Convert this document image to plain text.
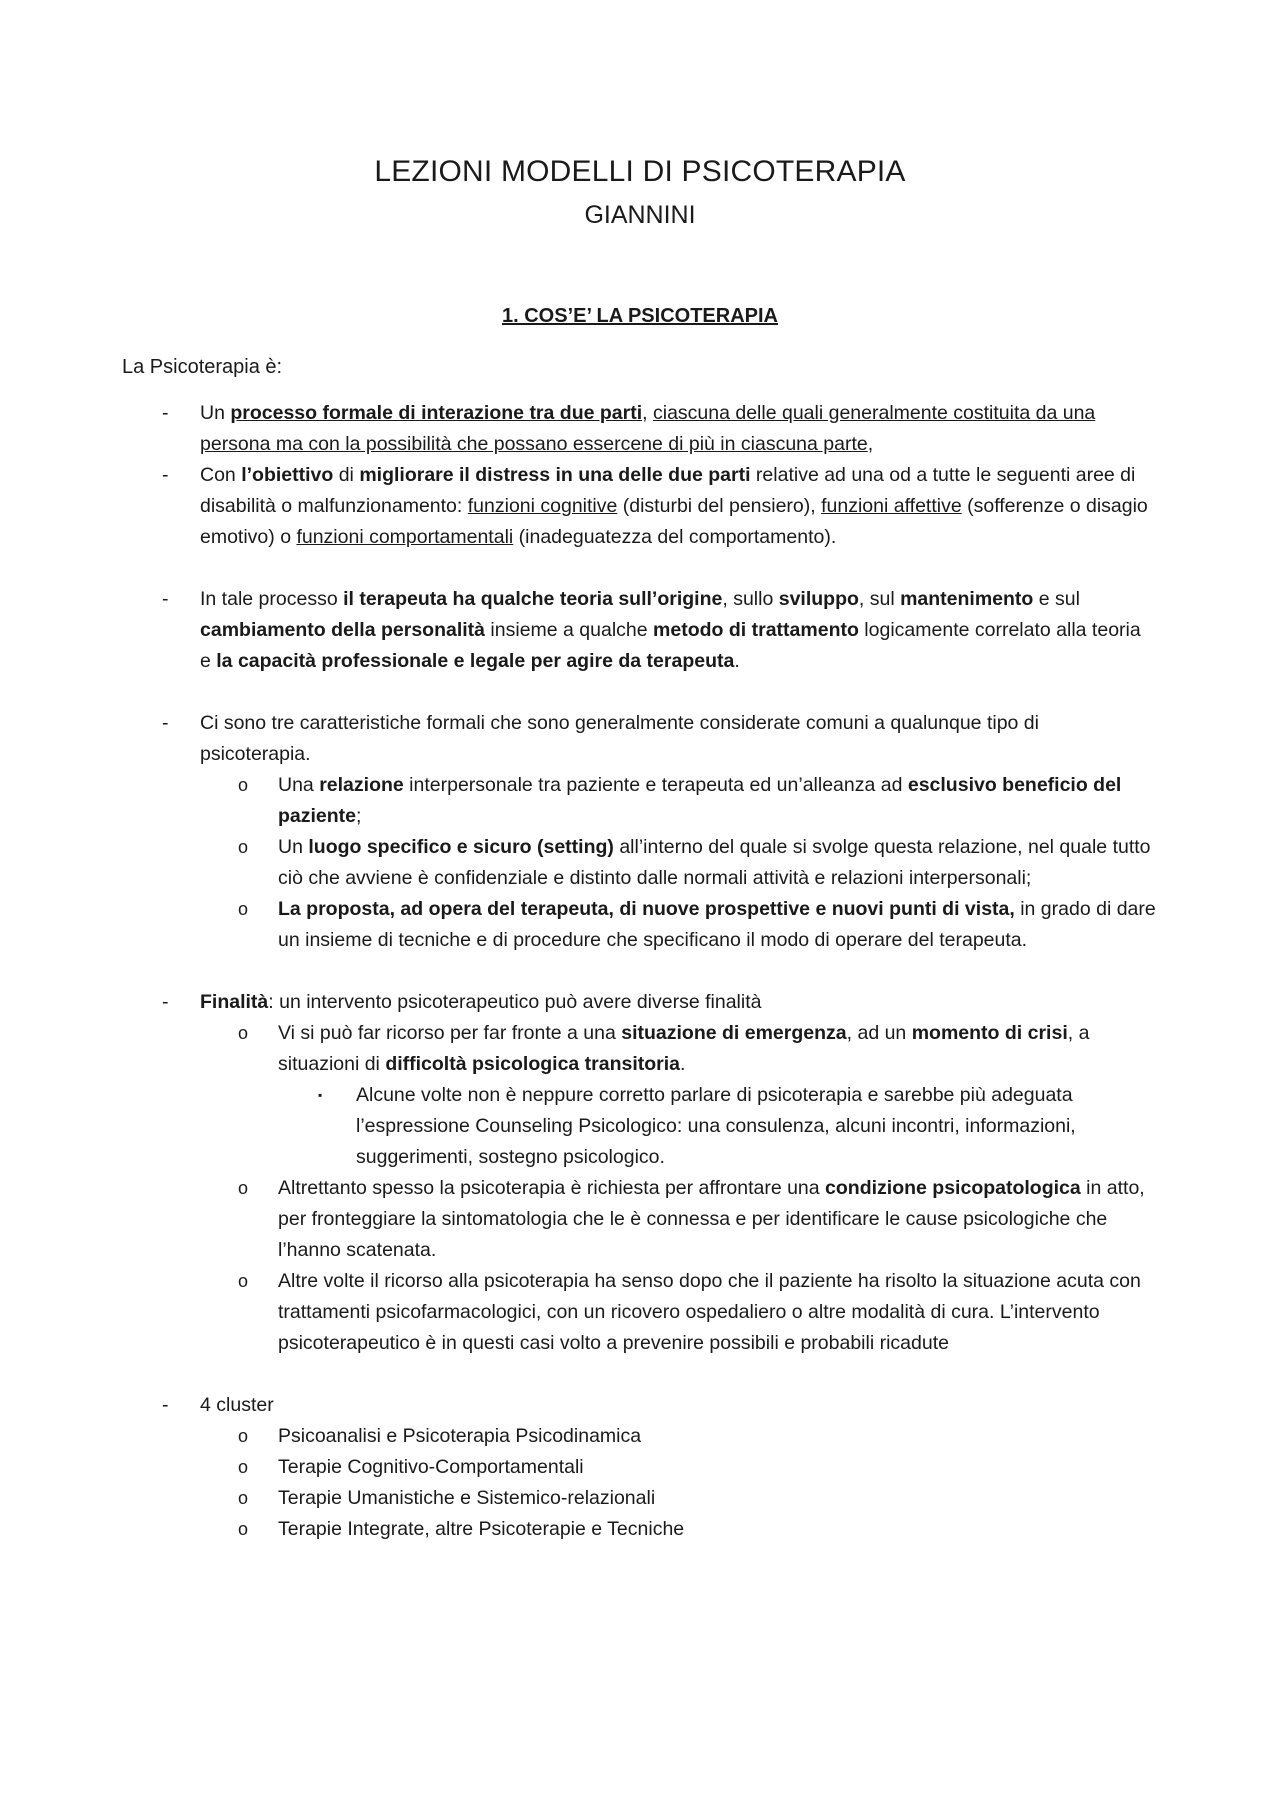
LEZIONI MODELLI DI PSICOTERAPIA
GIANNINI
1. COS’E’ LA PSICOTERAPIA
La Psicoterapia è:
- Un processo formale di interazione tra due parti, ciascuna delle quali generalmente costituita da una persona ma con la possibilità che possano essercene di più in ciascuna parte,
- Con l’obiettivo di migliorare il distress in una delle due parti relative ad una od a tutte le seguenti aree di disabilità o malfunzionamento: funzioni cognitive (disturbi del pensiero), funzioni affettive (sofferenze o disagio emotivo) o funzioni comportamentali (inadeguatezza del comportamento).
- In tale processo il terapeuta ha qualche teoria sull’origine, sullo sviluppo, sul mantenimento e sul cambiamento della personalità insieme a qualche metodo di trattamento logicamente correlato alla teoria e la capacità professionale e legale per agire da terapeuta.
- Ci sono tre caratteristiche formali che sono generalmente considerate comuni a qualunque tipo di psicoterapia.
o Una relazione interpersonale tra paziente e terapeuta ed un’alleanza ad esclusivo beneficio del paziente;
o Un luogo specifico e sicuro (setting) all’interno del quale si svolge questa relazione, nel quale tutto ciò che avviene è confidenziale e distinto dalle normali attività e relazioni interpersonali;
o La proposta, ad opera del terapeuta, di nuove prospettive e nuovi punti di vista, in grado di dare un insieme di tecniche e di procedure che specificano il modo di operare del terapeuta.
- Finalità: un intervento psicoterapeutico può avere diverse finalità
o Vi si può far ricorso per far fronte a una situazione di emergenza, ad un momento di crisi, a situazioni di difficoltà psicologica transitoria.
▪ Alcune volte non è neppure corretto parlare di psicoterapia e sarebbe più adeguata l’espressione Counseling Psicologico: una consulenza, alcuni incontri, informazioni, suggerimenti, sostegno psicologico.
o Altrettanto spesso la psicoterapia è richiesta per affrontare una condizione psicopatologica in atto, per fronteggiare la sintomatologia che le è connessa e per identificare le cause psicologiche che l’hanno scatenata.
o Altre volte il ricorso alla psicoterapia ha senso dopo che il paziente ha risolto la situazione acuta con trattamenti psicofarmacologici, con un ricovero ospedaliero o altre modalità di cura. L’intervento psicoterapeutico è in questi casi volto a prevenire possibili e probabili ricadute
- 4 cluster
o Psicoanalisi e Psicoterapia Psicodinamica
o Terapie Cognitivo-Comportamentali
o Terapie Umanistiche e Sistemico-relazionali
o Terapie Integrate, altre Psicoterapie e Tecniche
